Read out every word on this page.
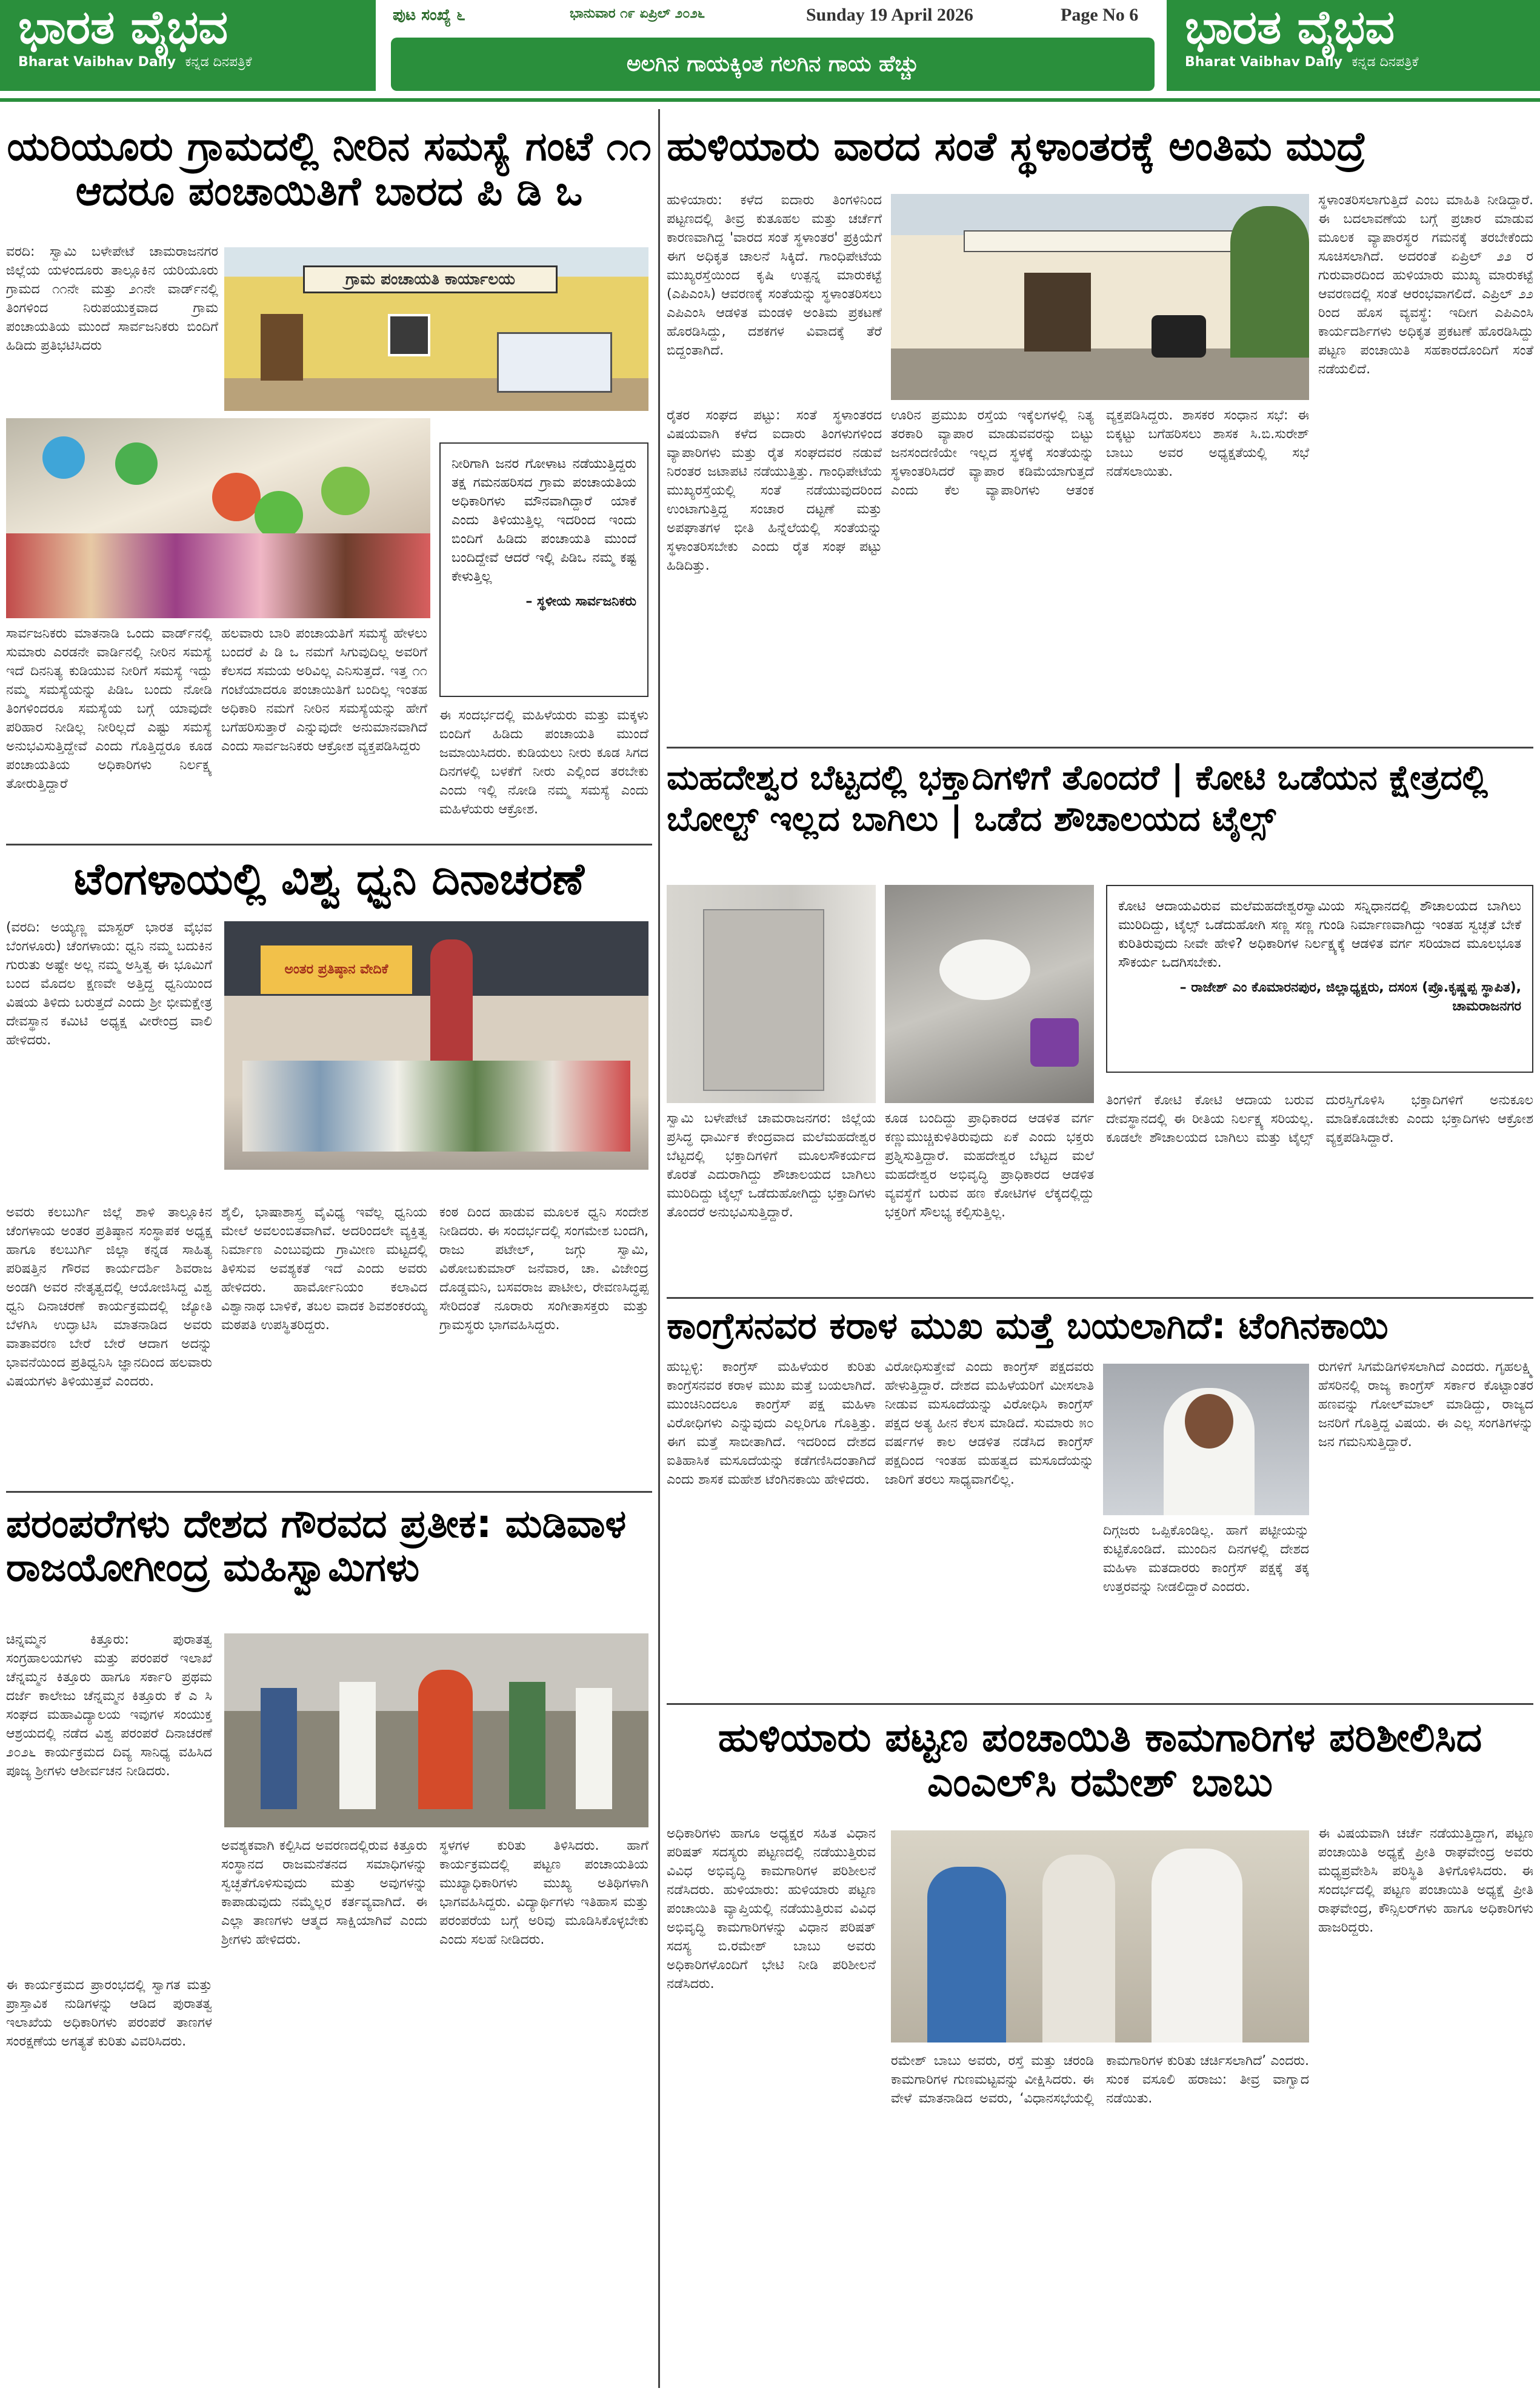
ಭಾರತ ವೈಭವ
Bharat Vaibhav Daily ಕನ್ನಡ ದಿನಪತ್ರಿಕೆ
ಭಾರತ ವೈಭವ
Bharat Vaibhav Daily ಕನ್ನಡ ದಿನಪತ್ರಿಕೆ
ಪುಟ ಸಂಖ್ಯೆ ೬	ಭಾನುವಾರ ೧೯ ಏಪ್ರಿಲ್ ೨೦೨೬	Sunday 19 April 2026	Page No 6
ಅಲಗಿನ ಗಾಯಕ್ಕಿಂತ ಗಲಗಿನ ಗಾಯ ಹೆಚ್ಚು
ಯರಿಯೂರು ಗ್ರಾಮದಲ್ಲಿ ನೀರಿನ ಸಮಸ್ಯೆ ಗಂಟೆ ೧೧ ಆದರೂ ಪಂಚಾಯಿತಿಗೆ ಬಾರದ ಪಿ ಡಿ ಒ
ವರದಿ: ಸ್ವಾಮಿ ಬಳೇಪೇಟೆ ಚಾಮರಾಜನಗರ ಜಿಲ್ಲೆಯ ಯಳಂದೂರು ತಾಲ್ಲೂಕಿನ ಯರಿಯೂರು ಗ್ರಾಮದ ೧೧ನೇ ಮತ್ತು ೨೧ನೇ ವಾರ್ಡ್‌ನಲ್ಲಿ ತಿಂಗಳಿಂದ ನಿರುಪಯುಕ್ತವಾದ ಗ್ರಾಮ ಪಂಚಾಯತಿಯ ಮುಂದೆ ಸಾರ್ವಜನಿಕರು ಬಿಂದಿಗೆ ಹಿಡಿದು ಪ್ರತಿಭಟಿಸಿದರು
ಗ್ರಾಮ ಪಂಚಾಯತಿ ಕಾರ್ಯಾಲಯ
ನೀರಿಗಾಗಿ ಜನರ ಗೋಳಾಟ ನಡೆಯುತ್ತಿದ್ದರು ತಕ್ಷ ಗಮನಹರಿಸದ ಗ್ರಾಮ ಪಂಚಾಯತಿಯ ಅಧಿಕಾರಿಗಳು ಮೌನವಾಗಿದ್ದಾರೆ ಯಾಕೆ ಎಂದು ತಿಳಿಯುತ್ತಿಲ್ಲ ಇದರಿಂದ ಇಂದು ಬಿಂದಿಗೆ ಹಿಡಿದು ಪಂಚಾಯತಿ ಮುಂದೆ ಬಂದಿದ್ದೇವೆ ಆದರೆ ಇಲ್ಲಿ ಪಿಡಿಒ ನಮ್ಮ ಕಷ್ಟ ಕೇಳುತ್ತಿಲ್ಲ
– ಸ್ಥಳೀಯ ಸಾರ್ವಜನಿಕರು
ಸಾರ್ವಜನಿಕರು ಮಾತನಾಡಿ ಒಂದು ವಾರ್ಡ್‌ನಲ್ಲಿ ಸುಮಾರು ಎರಡನೇ ವಾರ್ಡಿನಲ್ಲಿ ನೀರಿನ ಸಮಸ್ಯೆ ಇದೆ ದಿನನಿತ್ಯ ಕುಡಿಯುವ ನೀರಿಗೆ ಸಮಸ್ಯೆ ಇದ್ದು ನಮ್ಮ ಸಮಸ್ಯೆಯನ್ನು ಪಿಡಿಒ ಬಂದು ನೋಡಿ ತಿಂಗಳಿಂದರೂ ಸಮಸ್ಯೆಯ ಬಗ್ಗೆ ಯಾವುದೇ ಪರಿಹಾರ ನೀಡಿಲ್ಲ ನೀರಿಲ್ಲದೆ ಎಷ್ಟು ಸಮಸ್ಯೆ ಅನುಭವಿಸುತ್ತಿದ್ದೇವೆ ಎಂದು ಗೊತ್ತಿದ್ದರೂ ಕೂಡ ಪಂಚಾಯತಿಯ ಅಧಿಕಾರಿಗಳು ನಿರ್ಲಕ್ಷ್ಯ ತೋರುತ್ತಿದ್ದಾರೆ
ಹಲವಾರು ಬಾರಿ ಪಂಚಾಯತಿಗೆ ಸಮಸ್ಯೆ ಹೇಳಲು ಬಂದರೆ ಪಿ ಡಿ ಒ ನಮಗೆ ಸಿಗುವುದಿಲ್ಲ ಅವರಿಗೆ ಕೆಲಸದ ಸಮಯ ಅರಿವಿಲ್ಲ ಎನಿಸುತ್ತದೆ. ಇತ್ತ ೧೧ ಗಂಟೆಯಾದರೂ ಪಂಚಾಯಿತಿಗೆ ಬಂದಿಲ್ಲ ಇಂತಹ ಅಧಿಕಾರಿ ನಮಗೆ ನೀರಿನ ಸಮಸ್ಯೆಯನ್ನು ಹೇಗೆ ಬಗೆಹರಿಸುತ್ತಾರೆ ಎನ್ನುವುದೇ ಅನುಮಾನವಾಗಿದೆ ಎಂದು ಸಾರ್ವಜನಿಕರು ಆಕ್ರೋಶ ವ್ಯಕ್ತಪಡಿಸಿದ್ದರು
ಈ ಸಂದರ್ಭದಲ್ಲಿ ಮಹಿಳೆಯರು ಮತ್ತು ಮಕ್ಕಳು ಬಿಂದಿಗೆ ಹಿಡಿದು ಪಂಚಾಯತಿ ಮುಂದೆ ಜಮಾಯಿಸಿದರು. ಕುಡಿಯಲು ನೀರು ಕೂಡ ಸಿಗದ ದಿನಗಳಲ್ಲಿ ಬಳಕೆಗೆ ನೀರು ಎಲ್ಲಿಂದ ತರಬೇಕು ಎಂದು ಇಲ್ಲಿ ನೋಡಿ ನಮ್ಮ ಸಮಸ್ಯೆ ಎಂದು ಮಹಿಳೆಯರು ಆಕ್ರೋಶ.
ಟೆಂಗಳಾಯಲ್ಲಿ ವಿಶ್ವ ಧ್ವನಿ ದಿನಾಚರಣೆ
(ವರದಿ: ಅಯ್ಯಣ್ಣ ಮಾಸ್ಟರ್ ಭಾರತ ವೈಭವ ಬೆಂಗಳೂರು) ಚೆಂಗಳಾಯ: ಧ್ವನಿ ನಮ್ಮ ಬದುಕಿನ ಗುರುತು ಅಷ್ಟೇ ಅಲ್ಲ ನಮ್ಮ ಅಸ್ತಿತ್ವ ಈ ಭೂಮಿಗೆ ಬಂದ ಮೊದಲ ಕ್ಷಣವೇ ಅತ್ತಿದ್ದ ಧ್ವನಿಯಿಂದ ವಿಷಯ ತಿಳಿದು ಬರುತ್ತದೆ ಎಂದು ಶ್ರೀ ಭೀಮಕ್ಷೇತ್ರ ದೇವಸ್ಥಾನ ಕಮಿಟಿ ಅಧ್ಯಕ್ಷ ವೀರೇಂದ್ರ ವಾಲಿ ಹೇಳಿದರು.
ಅಂತರ ಪ್ರತಿಷ್ಠಾನ ವೇದಿಕೆ
ಅವರು ಕಲಬುರ್ಗಿ ಜಿಲ್ಲೆ ಶಾಳಿ ತಾಲ್ಲೂಕಿನ ಚೆಂಗಳಾಯ ಅಂತರ ಪ್ರತಿಷ್ಠಾನ ಸಂಸ್ಥಾಪಕ ಅಧ್ಯಕ್ಷ ಹಾಗೂ ಕಲಬುರ್ಗಿ ಜಿಲ್ಲಾ ಕನ್ನಡ ಸಾಹಿತ್ಯ ಪರಿಷತ್ತಿನ ಗೌರವ ಕಾರ್ಯದರ್ಶಿ ಶಿವರಾಜ ಅಂಡಗಿ ಅವರ ನೇತೃತ್ವದಲ್ಲಿ ಆಯೋಜಿಸಿದ್ದ ವಿಶ್ವ ಧ್ವನಿ ದಿನಾಚರಣೆ ಕಾರ್ಯಕ್ರಮದಲ್ಲಿ ಜ್ಯೋತಿ ಬೆಳಗಿಸಿ ಉದ್ಘಾಟಿಸಿ ಮಾತನಾಡಿದ ಅವರು ವಾತಾವರಣ ಬೇರೆ ಬೇರೆ ಆದಾಗ ಅದನ್ನು ಭಾವನೆಯಿಂದ ಪ್ರತಿಧ್ವನಿಸಿ ಜ್ಞಾನದಿಂದ ಹಲವಾರು ವಿಷಯಗಳು ತಿಳಿಯುತ್ತವೆ ಎಂದರು.
ಶೈಲಿ, ಭಾಷಾಶಾಸ್ತ್ರ ವೈವಿಧ್ಯ ಇವೆಲ್ಲ ಧ್ವನಿಯ ಮೇಲೆ ಅವಲಂಬಿತವಾಗಿವೆ. ಅದರಿಂದಲೇ ವ್ಯಕ್ತಿತ್ವ ನಿರ್ಮಾಣ ಎಂಬುವುದು ಗ್ರಾಮೀಣ ಮಟ್ಟದಲ್ಲಿ ತಿಳಿಸುವ ಅವಶ್ಯಕತೆ ಇದೆ ಎಂದು ಅವರು ಹೇಳಿದರು. ಹಾರ್ಮೋನಿಯಂ ಕಲಾವಿದ ವಿಶ್ವಾನಾಥ ಬಾಳಿಕೆ, ತಬಲ ವಾದಕ ಶಿವಶಂಕರಯ್ಯ ಮಠಪತಿ ಉಪಸ್ಥಿತರಿದ್ದರು.
ಕಂಠ ದಿಂದ ಹಾಡುವ ಮೂಲಕ ಧ್ವನಿ ಸಂದೇಶ ನೀಡಿದರು. ಈ ಸಂದರ್ಭದಲ್ಲಿ ಸಂಗಮೇಶ ಬಂದಗಿ, ರಾಜು ಪಟೇಲ್, ಜಗ್ಗು ಸ್ವಾಮಿ, ವಿಠೋಬಕುಮಾರ್ ಜನೆವಾರ, ಚಾ. ವಿಜೇಂದ್ರ ದೊಡ್ಡಮನಿ, ಬಸವರಾಜ ಪಾಟೀಲ, ರೇವಣಸಿದ್ಧಪ್ಪ ಸೇರಿದಂತೆ ನೂರಾರು ಸಂಗೀತಾಸಕ್ತರು ಮತ್ತು ಗ್ರಾಮಸ್ಥರು ಭಾಗವಹಿಸಿದ್ದರು.
ಪರಂಪರೆಗಳು ದೇಶದ ಗೌರವದ ಪ್ರತೀಕ: ಮಡಿವಾಳ ರಾಜಯೋಗೀಂದ್ರ ಮಹಿಸ್ವಾಮಿಗಳು
ಚಿನ್ನಮ್ಮನ ಕಿತ್ತೂರು: ಪುರಾತತ್ವ ಸಂಗ್ರಹಾಲಯಗಳು ಮತ್ತು ಪರಂಪರೆ ಇಲಾಖೆ ಚೆನ್ನಮ್ಮನ ಕಿತ್ತೂರು ಹಾಗೂ ಸರ್ಕಾರಿ ಪ್ರಥಮ ದರ್ಜೆ ಕಾಲೇಜು ಚೆನ್ನಮ್ಮನ ಕಿತ್ತೂರು ಕೆ ಎ ಸಿ ಸಂಘದ ಮಹಾವಿದ್ಯಾಲಯ ಇವುಗಳ ಸಂಯುಕ್ತ ಆಶ್ರಯದಲ್ಲಿ ನಡೆದ ವಿಶ್ವ ಪರಂಪರೆ ದಿನಾಚರಣೆ ೨೦೨೬ ಕಾರ್ಯಕ್ರಮದ ದಿವ್ಯ ಸಾನಿಧ್ಯ ವಹಿಸಿದ ಪೂಜ್ಯ ಶ್ರೀಗಳು ಆಶೀರ್ವಚನ ನೀಡಿದರು.
ಅವಶ್ಯಕವಾಗಿ ಕಲ್ಪಿಸಿದ ಅವರಣದಲ್ಲಿರುವ ಕಿತ್ತೂರು ಸಂಸ್ಥಾನದ ರಾಜಮನೆತನದ ಸಮಾಧಿಗಳನ್ನು ಸ್ವಚ್ಛತೆಗೊಳಿಸುವುದು ಮತ್ತು ಅವುಗಳನ್ನು ಕಾಪಾಡುವುದು ನಮ್ಮೆಲ್ಲರ ಕರ್ತವ್ಯವಾಗಿದೆ. ಈ ಎಲ್ಲಾ ತಾಣಗಳು ಆತ್ಮದ ಸಾಕ್ಷಿಯಾಗಿವೆ ಎಂದು ಶ್ರೀಗಳು ಹೇಳಿದರು.
ಸ್ಥಳಗಳ ಕುರಿತು ತಿಳಿಸಿದರು. ಹಾಗೆ ಕಾರ್ಯಕ್ರಮದಲ್ಲಿ ಪಟ್ಟಣ ಪಂಚಾಯತಿಯ ಮುಖ್ಯಾಧಿಕಾರಿಗಳು ಮುಖ್ಯ ಅತಿಥಿಗಳಾಗಿ ಭಾಗವಹಿಸಿದ್ದರು. ವಿದ್ಯಾರ್ಥಿಗಳು ಇತಿಹಾಸ ಮತ್ತು ಪರಂಪರೆಯ ಬಗ್ಗೆ ಅರಿವು ಮೂಡಿಸಿಕೊಳ್ಳಬೇಕು ಎಂದು ಸಲಹೆ ನೀಡಿದರು.
ಈ ಕಾರ್ಯಕ್ರಮದ ಪ್ರಾರಂಭದಲ್ಲಿ ಸ್ವಾಗತ ಮತ್ತು ಪ್ರಾಸ್ತಾವಿಕ ನುಡಿಗಳನ್ನು ಆಡಿದ ಪುರಾತತ್ವ ಇಲಾಖೆಯ ಅಧಿಕಾರಿಗಳು ಪರಂಪರೆ ತಾಣಗಳ ಸಂರಕ್ಷಣೆಯ ಅಗತ್ಯತೆ ಕುರಿತು ವಿವರಿಸಿದರು.
ಹುಳಿಯಾರು ವಾರದ ಸಂತೆ ಸ್ಥಳಾಂತರಕ್ಕೆ ಅಂತಿಮ ಮುದ್ರೆ
ಹುಳಿಯಾರು: ಕಳೆದ ಐದಾರು ತಿಂಗಳಿನಿಂದ ಪಟ್ಟಣದಲ್ಲಿ ತೀವ್ರ ಕುತೂಹಲ ಮತ್ತು ಚರ್ಚೆಗೆ ಕಾರಣವಾಗಿದ್ದ 'ವಾರದ ಸಂತೆ ಸ್ಥಳಾಂತರ' ಪ್ರಕ್ರಿಯೆಗೆ ಈಗ ಅಧಿಕೃತ ಚಾಲನೆ ಸಿಕ್ಕಿದೆ. ಗಾಂಧಿಪೇಟೆಯ ಮುಖ್ಯರಸ್ತೆಯಿಂದ ಕೃಷಿ ಉತ್ಪನ್ನ ಮಾರುಕಟ್ಟೆ (ಎಪಿಎಂಸಿ) ಆವರಣಕ್ಕೆ ಸಂತೆಯನ್ನು ಸ್ಥಳಾಂತರಿಸಲು ಎಪಿಎಂಸಿ ಆಡಳಿತ ಮಂಡಳಿ ಅಂತಿಮ ಪ್ರಕಟಣೆ ಹೊರಡಿಸಿದ್ದು, ದಶಕಗಳ ವಿವಾದಕ್ಕೆ ತೆರೆ ಬಿದ್ದಂತಾಗಿದೆ.
ಸ್ಥಳಾಂತರಿಸಲಾಗುತ್ತಿದೆ ಎಂಬ ಮಾಹಿತಿ ನೀಡಿದ್ದಾರೆ. ಈ ಬದಲಾವಣೆಯ ಬಗ್ಗೆ ಪ್ರಚಾರ ಮಾಡುವ ಮೂಲಕ ವ್ಯಾಪಾರಸ್ಥರ ಗಮನಕ್ಕೆ ತರಬೇಕೆಂದು ಸೂಚಿಸಲಾಗಿದೆ. ಅದರಂತೆ ಏಪ್ರಿಲ್ ೨೨ ರ ಗುರುವಾರದಿಂದ ಹುಳಿಯಾರು ಮುಖ್ಯ ಮಾರುಕಟ್ಟೆ ಆವರಣದಲ್ಲಿ ಸಂತೆ ಆರಂಭವಾಗಲಿದೆ. ಎಪ್ರಿಲ್ ೨೨ ರಿಂದ ಹೊಸ ವ್ಯವಸ್ಥೆ: ಇದೀಗ ಎಪಿಎಂಸಿ ಕಾರ್ಯದರ್ಶಿಗಳು ಅಧಿಕೃತ ಪ್ರಕಟಣೆ ಹೊರಡಿಸಿದ್ದು ಪಟ್ಟಣ ಪಂಚಾಯಿತಿ ಸಹಕಾರದೊಂದಿಗೆ ಸಂತೆ ನಡೆಯಲಿದೆ.
ರೈತರ ಸಂಘದ ಪಟ್ಟು: ಸಂತೆ ಸ್ಥಳಾಂತರದ ವಿಷಯವಾಗಿ ಕಳೆದ ಐದಾರು ತಿಂಗಳುಗಳಿಂದ ವ್ಯಾಪಾರಿಗಳು ಮತ್ತು ರೈತ ಸಂಘದವರ ನಡುವೆ ನಿರಂತರ ಜಟಾಪಟಿ ನಡೆಯುತ್ತಿತ್ತು. ಗಾಂಧಿಪೇಟೆಯ ಮುಖ್ಯರಸ್ತೆಯಲ್ಲಿ ಸಂತೆ ನಡೆಯುವುದರಿಂದ ಉಂಟಾಗುತ್ತಿದ್ದ ಸಂಚಾರ ದಟ್ಟಣೆ ಮತ್ತು ಅಪಘಾತಗಳ ಭೀತಿ ಹಿನ್ನೆಲೆಯಲ್ಲಿ ಸಂತೆಯನ್ನು ಸ್ಥಳಾಂತರಿಸಬೇಕು ಎಂದು ರೈತ ಸಂಘ ಪಟ್ಟು ಹಿಡಿದಿತ್ತು.
ಊರಿನ ಪ್ರಮುಖ ರಸ್ತೆಯ ಇಕ್ಕೆಲಗಳಲ್ಲಿ ನಿತ್ಯ ತರಕಾರಿ ವ್ಯಾಪಾರ ಮಾಡುವವರನ್ನು ಬಿಟ್ಟು ಜನಸಂದಣಿಯೇ ಇಲ್ಲದ ಸ್ಥಳಕ್ಕೆ ಸಂತೆಯನ್ನು ಸ್ಥಳಾಂತರಿಸಿದರೆ ವ್ಯಾಪಾರ ಕಡಿಮೆಯಾಗುತ್ತದೆ ಎಂದು ಕೆಲ ವ್ಯಾಪಾರಿಗಳು ಆತಂಕ ವ್ಯಕ್ತಪಡಿಸಿದ್ದರು. ಶಾಸಕರ ಸಂಧಾನ ಸಭೆ: ಈ ಬಿಕ್ಕಟ್ಟು ಬಗೆಹರಿಸಲು ಶಾಸಕ ಸಿ.ಬಿ.ಸುರೇಶ್ ಬಾಬು ಅವರ ಅಧ್ಯಕ್ಷತೆಯಲ್ಲಿ ಸಭೆ ನಡೆಸಲಾಯಿತು.
ಮಹದೇಶ್ವರ ಬೆಟ್ಟದಲ್ಲಿ ಭಕ್ತಾದಿಗಳಿಗೆ ತೊಂದರೆ | ಕೋಟಿ ಒಡೆಯನ ಕ್ಷೇತ್ರದಲ್ಲಿ ಬೋಲ್ಟ್ ಇಲ್ಲದ ಬಾಗಿಲು | ಒಡೆದ ಶೌಚಾಲಯದ ಟೈಲ್ಸ್
ಕೋಟಿ ಆದಾಯವಿರುವ ಮಲೆಮಹದೇಶ್ವರಸ್ವಾಮಿಯ ಸನ್ನಿಧಾನದಲ್ಲಿ ಶೌಚಾಲಯದ ಬಾಗಿಲು ಮುರಿದಿದ್ದು, ಟೈಲ್ಸ್ ಒಡೆದುಹೋಗಿ ಸಣ್ಣ ಸಣ್ಣ ಗುಂಡಿ ನಿರ್ಮಾಣವಾಗಿದ್ದು ಇಂತಹ ಸ್ವಚ್ಛತೆ ಬೇಕೆ ಕುರಿತಿರುವುದು ನೀವೇ ಹೇಳಿ? ಅಧಿಕಾರಿಗಳ ನಿರ್ಲಕ್ಷ್ಯಕ್ಕೆ ಆಡಳಿತ ವರ್ಗ ಸರಿಯಾದ ಮೂಲಭೂತ ಸೌಕರ್ಯ ಒದಗಿಸಬೇಕು.
– ರಾಜೇಶ್ ಎಂ ಕೊಮಾರನಪುರ, ಜಿಲ್ಲಾಧ್ಯಕ್ಷರು, ದಸಂಸ (ಪ್ರೊ.ಕೃಷ್ಣಪ್ಪ ಸ್ಥಾಪಿತ), ಚಾಮರಾಜನಗರ
ಸ್ವಾಮಿ ಬಳೇಪೇಟೆ ಚಾಮರಾಜನಗರ: ಜಿಲ್ಲೆಯ ಪ್ರಸಿದ್ಧ ಧಾರ್ಮಿಕ ಕೇಂದ್ರವಾದ ಮಲೆಮಹದೇಶ್ವರ ಬೆಟ್ಟದಲ್ಲಿ ಭಕ್ತಾದಿಗಳಿಗೆ ಮೂಲಸೌಕರ್ಯದ ಕೊರತೆ ಎದುರಾಗಿದ್ದು ಶೌಚಾಲಯದ ಬಾಗಿಲು ಮುರಿದಿದ್ದು ಟೈಲ್ಸ್ ಒಡೆದುಹೋಗಿದ್ದು ಭಕ್ತಾದಿಗಳು ತೊಂದರೆ ಅನುಭವಿಸುತ್ತಿದ್ದಾರೆ.
ಕೂಡ ಬಂದಿದ್ದು ಪ್ರಾಧಿಕಾರದ ಆಡಳಿತ ವರ್ಗ ಕಣ್ಣುಮುಚ್ಚಿಕುಳಿತಿರುವುದು ಏಕೆ ಎಂದು ಭಕ್ತರು ಪ್ರಶ್ನಿಸುತ್ತಿದ್ದಾರೆ. ಮಹದೇಶ್ವರ ಬೆಟ್ಟದ ಮಲೆ ಮಹದೇಶ್ವರ ಅಭಿವೃದ್ಧಿ ಪ್ರಾಧಿಕಾರದ ಆಡಳಿತ ವ್ಯವಸ್ಥೆಗೆ ಬರುವ ಹಣ ಕೋಟಿಗಳ ಲೆಕ್ಕದಲ್ಲಿದ್ದು ಭಕ್ತರಿಗೆ ಸೌಲಭ್ಯ ಕಲ್ಪಿಸುತ್ತಿಲ್ಲ.
ತಿಂಗಳಿಗೆ ಕೋಟಿ ಕೋಟಿ ಆದಾಯ ಬರುವ ದೇವಸ್ಥಾನದಲ್ಲಿ ಈ ರೀತಿಯ ನಿರ್ಲಕ್ಷ್ಯ ಸರಿಯಲ್ಲ. ಕೂಡಲೇ ಶೌಚಾಲಯದ ಬಾಗಿಲು ಮತ್ತು ಟೈಲ್ಸ್ ದುರಸ್ತಿಗೊಳಿಸಿ ಭಕ್ತಾದಿಗಳಿಗೆ ಅನುಕೂಲ ಮಾಡಿಕೊಡಬೇಕು ಎಂದು ಭಕ್ತಾದಿಗಳು ಆಕ್ರೋಶ ವ್ಯಕ್ತಪಡಿಸಿದ್ದಾರೆ.
ಕಾಂಗ್ರೆಸನವರ ಕರಾಳ ಮುಖ ಮತ್ತೆ ಬಯಲಾಗಿದೆ: ಟೆಂಗಿನಕಾಯಿ
ಹುಬ್ಬಳ್ಳಿ: ಕಾಂಗ್ರೆಸ್ ಮಹಿಳೆಯರ ಕುರಿತು ಕಾಂಗ್ರೆಸನವರ ಕರಾಳ ಮುಖ ಮತ್ತೆ ಬಯಲಾಗಿದೆ. ಮುಂಚಿನಿಂದಲೂ ಕಾಂಗ್ರೆಸ್ ಪಕ್ಷ ಮಹಿಳಾ ವಿರೋಧಿಗಳು ಎನ್ನುವುದು ಎಲ್ಲರಿಗೂ ಗೊತ್ತಿತ್ತು. ಈಗ ಮತ್ತೆ ಸಾಬೀತಾಗಿದೆ. ಇದರಿಂದ ದೇಶದ ಐತಿಹಾಸಿಕ ಮಸೂದೆಯನ್ನು ಕಡೆಗಣಿಸಿದಂತಾಗಿದೆ ಎಂದು ಶಾಸಕ ಮಹೇಶ ಟೆಂಗಿನಕಾಯಿ ಹೇಳಿದರು.
ವಿರೋಧಿಸುತ್ತೇವೆ ಎಂದು ಕಾಂಗ್ರೆಸ್ ಪಕ್ಷದವರು ಹೇಳುತ್ತಿದ್ದಾರೆ. ದೇಶದ ಮಹಿಳೆಯರಿಗೆ ಮೀಸಲಾತಿ ನೀಡುವ ಮಸೂದೆಯನ್ನು ವಿರೋಧಿಸಿ ಕಾಂಗ್ರೆಸ್ ಪಕ್ಷದ ಅತ್ಯ ಹೀನ ಕೆಲಸ ಮಾಡಿದೆ. ಸುಮಾರು ೫೦ ವರ್ಷಗಳ ಕಾಲ ಆಡಳಿತ ನಡೆಸಿದ ಕಾಂಗ್ರೆಸ್ ಪಕ್ಷದಿಂದ ಇಂತಹ ಮಹತ್ವದ ಮಸೂದೆಯನ್ನು ಜಾರಿಗೆ ತರಲು ಸಾಧ್ಯವಾಗಲಿಲ್ಲ.
ರುಗಳಿಗೆ ಸಿಗಮೆಡಿಗಳಿಸಲಾಗಿದೆ ಎಂದರು. ಗೃಹಲಕ್ಷ್ಮಿ ಹೆಸರಿನಲ್ಲಿ ರಾಜ್ಯ ಕಾಂಗ್ರೆಸ್ ಸರ್ಕಾರ ಕೊಟ್ಟಾಂತರ ಹಣವನ್ನು ಗೋಲ್‌ಮಾಲ್ ಮಾಡಿದ್ದು, ರಾಜ್ಯದ ಜನರಿಗೆ ಗೊತ್ತಿದ್ದ ವಿಷಯ. ಈ ಎಲ್ಲ ಸಂಗತಿಗಳನ್ನು ಜನ ಗಮನಿಸುತ್ತಿದ್ದಾರೆ.
ದಿಗ್ಗಜರು ಒಪ್ಪಿಕೊಂಡಿಲ್ಲ. ಹಾಗೆ ಪಟ್ಟೀಯನ್ನು ಕುಟ್ಟಿಕೊಂಡಿದೆ. ಮುಂದಿನ ದಿನಗಳಲ್ಲಿ ದೇಶದ ಮಹಿಳಾ ಮತದಾರರು ಕಾಂಗ್ರೆಸ್ ಪಕ್ಷಕ್ಕೆ ತಕ್ಕ ಉತ್ತರವನ್ನು ನೀಡಲಿದ್ದಾರೆ ಎಂದರು.
ಹುಳಿಯಾರು ಪಟ್ಟಣ ಪಂಚಾಯಿತಿ ಕಾಮಗಾರಿಗಳ ಪರಿಶೀಲಿಸಿದ ಎಂಎಲ್‌ಸಿ ರಮೇಶ್ ಬಾಬು
ಅಧಿಕಾರಿಗಳು ಹಾಗೂ ಅಧ್ಯಕ್ಷರ ಸಹಿತ ವಿಧಾನ ಪರಿಷತ್ ಸದಸ್ಯರು ಪಟ್ಟಣದಲ್ಲಿ ನಡೆಯುತ್ತಿರುವ ವಿವಿಧ ಅಭಿವೃದ್ಧಿ ಕಾಮಗಾರಿಗಳ ಪರಿಶೀಲನೆ ನಡೆಸಿದರು. ಹುಳಿಯಾರು: ಹುಳಿಯಾರು ಪಟ್ಟಣ ಪಂಚಾಯಿತಿ ವ್ಯಾಪ್ತಿಯಲ್ಲಿ ನಡೆಯುತ್ತಿರುವ ವಿವಿಧ ಅಭಿವೃದ್ಧಿ ಕಾಮಗಾರಿಗಳನ್ನು ವಿಧಾನ ಪರಿಷತ್ ಸದಸ್ಯ ಬಿ.ರಮೇಶ್ ಬಾಬು ಅವರು ಅಧಿಕಾರಿಗಳೊಂದಿಗೆ ಭೇಟಿ ನೀಡಿ ಪರಿಶೀಲನೆ ನಡೆಸಿದರು.
ರಮೇಶ್ ಬಾಬು ಅವರು, ರಸ್ತೆ ಮತ್ತು ಚರಂಡಿ ಕಾಮಗಾರಿಗಳ ಗುಣಮಟ್ಟವನ್ನು ವೀಕ್ಷಿಸಿದರು. ಈ ವೇಳೆ ಮಾತನಾಡಿದ ಅವರು, ‘ವಿಧಾನಸಭೆಯಲ್ಲಿ ಕಾಮಗಾರಿಗಳ ಕುರಿತು ಚರ್ಚಿಸಲಾಗಿದೆ’ ಎಂದರು. ಸುಂಕ ವಸೂಲಿ ಹರಾಜು: ತೀವ್ರ ವಾಗ್ವಾದ ನಡೆಯಿತು.
ಈ ವಿಷಯವಾಗಿ ಚರ್ಚೆ ನಡೆಯುತ್ತಿದ್ದಾಗ, ಪಟ್ಟಣ ಪಂಚಾಯಿತಿ ಅಧ್ಯಕ್ಷೆ ಪ್ರೀತಿ ರಾಘವೇಂದ್ರ ಅವರು ಮಧ್ಯಪ್ರವೇಶಿಸಿ ಪರಿಸ್ಥಿತಿ ತಿಳಿಗೊಳಿಸಿದರು. ಈ ಸಂದರ್ಭದಲ್ಲಿ ಪಟ್ಟಣ ಪಂಚಾಯಿತಿ ಅಧ್ಯಕ್ಷೆ ಪ್ರೀತಿ ರಾಘವೇಂದ್ರ, ಕೌನ್ಸಿಲರ್‌ಗಳು ಹಾಗೂ ಅಧಿಕಾರಿಗಳು ಹಾಜರಿದ್ದರು.
